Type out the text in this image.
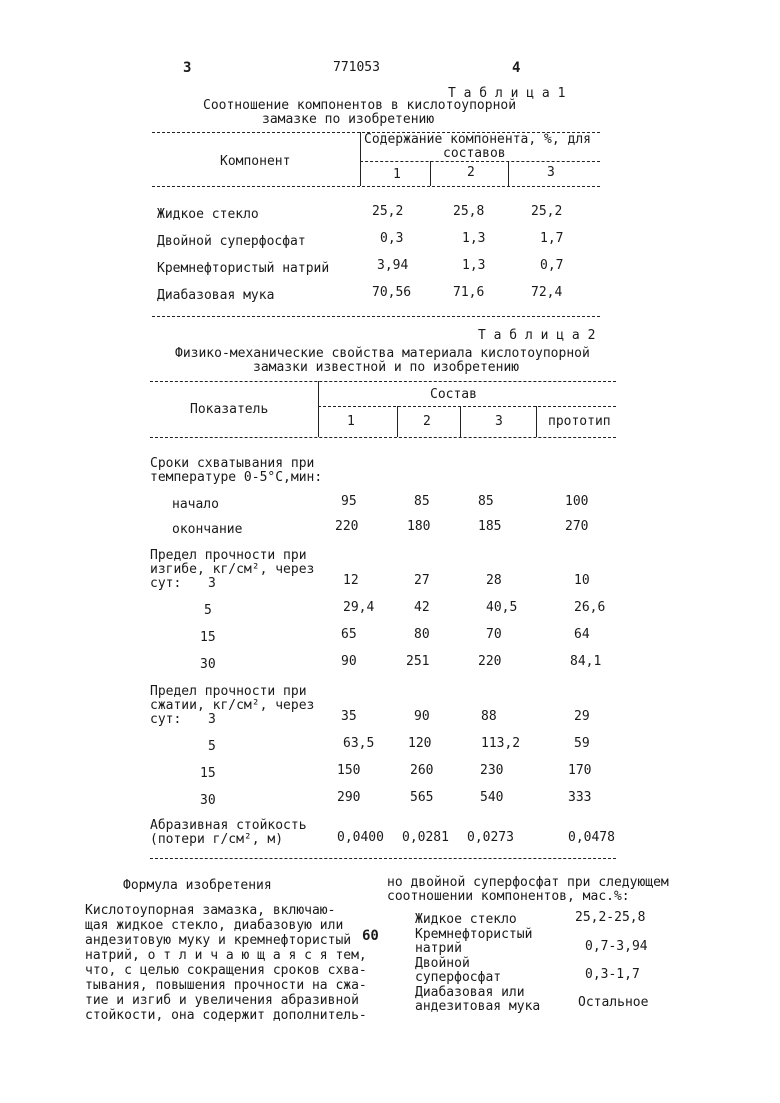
3	771053	4
Т а б л и ц а 1
Соотношение компонентов в кислотоупорной
замазке по изобретению
Компонент
Содержание компонента, %, для
составов
1	2	3
Жидкое стекло	25,2	25,8	25,2
Двойной суперфосфат	0,3	1,3	1,7
Кремнефтористый натрий	3,94	1,3	0,7
Диабазовая мука	70,56	71,6	72,4
Т а б л и ц а 2
Физико-механические свойства материала кислотоупорной
замазки известной и по изобретению
Показатель
Состав
1	2	3	прототип
Сроки схватывания при
температуре 0-5°С,мин:
начало	95	85	85	100
окончание	220	180	185	270
Предел прочности при
изгибе, кг/см², через
сут: 3	12	27	28	10
5	29,4	42	40,5	26,6
15	65	80	70	64
30	90	251	220	84,1
Предел прочности при
сжатии, кг/см², через
сут: 3	35	90	88	29
5	63,5	120	113,2	59
15	150	260	230	170
30	290	565	540	333
Абразивная стойкость
(потери г/см², м)	0,0400 0,0281 0,0273	0,0478
Формула изобретения
Кислотоупорная замазка, включаю-
щая жидкое стекло, диабазовую или
андезитовую муку и кремнефтористый
натрий, о т л и ч а ю щ а я с я тем,
что, с целью сокращения сроков схва-
тывания, повышения прочности на сжа-
тие и изгиб и увеличения абразивной
стойкости, она содержит дополнитель-
60
но двойной суперфосфат при следующем
соотношении компонентов, мас.%:
Жидкое стекло	25,2-25,8
Кремнефтористый
натрий	0,7-3,94
Двойной
суперфосфат	0,3-1,7
Диабазовая или
андезитовая мука	Остальное
